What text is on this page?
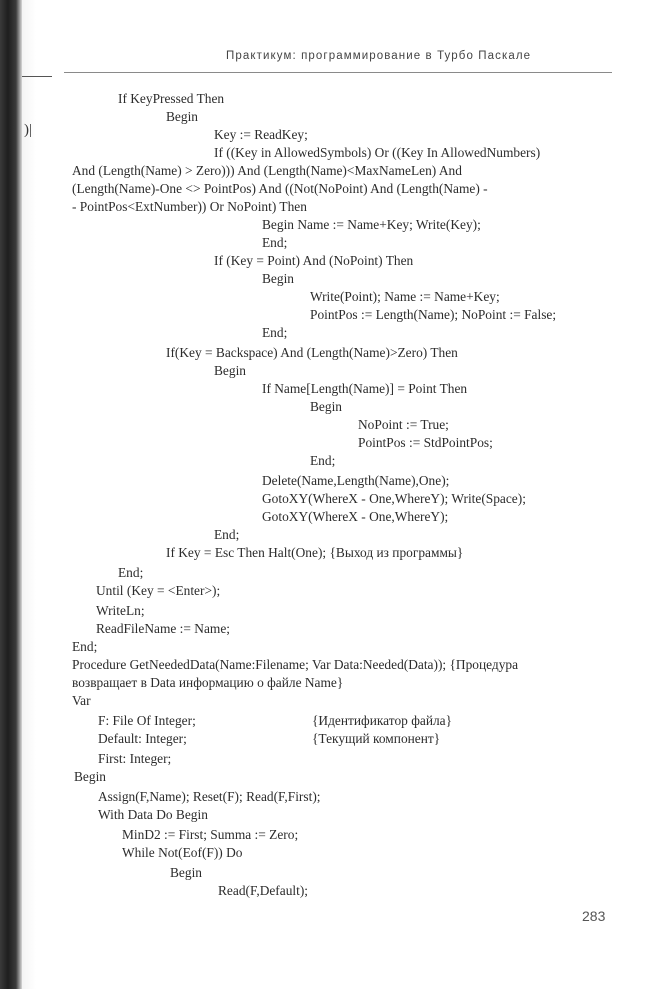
)|
Практикум: программирование в Турбо Паскале
If KeyPressed Then
Begin
Key := ReadKey;
If ((Key in AllowedSymbols) Or ((Key In AllowedNumbers)
And (Length(Name) > Zero))) And (Length(Name)<MaxNameLen) And
(Length(Name)-One <> PointPos) And ((Not(NoPoint) And (Length(Name) -
- PointPos<ExtNumber)) Or NoPoint) Then
Begin Name := Name+Key; Write(Key);
End;
If (Key = Point) And (NoPoint) Then
Begin
Write(Point); Name := Name+Key;
PointPos := Length(Name); NoPoint := False;
End;
If(Key = Backspace) And (Length(Name)>Zero) Then
Begin
If Name[Length(Name)] = Point Then
Begin
NoPoint := True;
PointPos := StdPointPos;
End;
Delete(Name,Length(Name),One);
GotoXY(WhereX - One,WhereY); Write(Space);
GotoXY(WhereX - One,WhereY);
End;
If Key = Esc Then Halt(One); {Выход из программы}
End;
Until (Key = <Enter>);
WriteLn;
ReadFileName := Name;
End;
Procedure GetNeededData(Name:Filename; Var Data:Needed(Data)); {Процедура
возвращает в Data информацию о файле Name}
Var
F: File Of Integer;	{Идентификатор файла}
Default: Integer;	{Текущий компонент}
First: Integer;
Begin
Assign(F,Name); Reset(F); Read(F,First);
With Data Do Begin
MinD2 := First; Summa := Zero;
While Not(Eof(F)) Do
Begin
Read(F,Default);
283
